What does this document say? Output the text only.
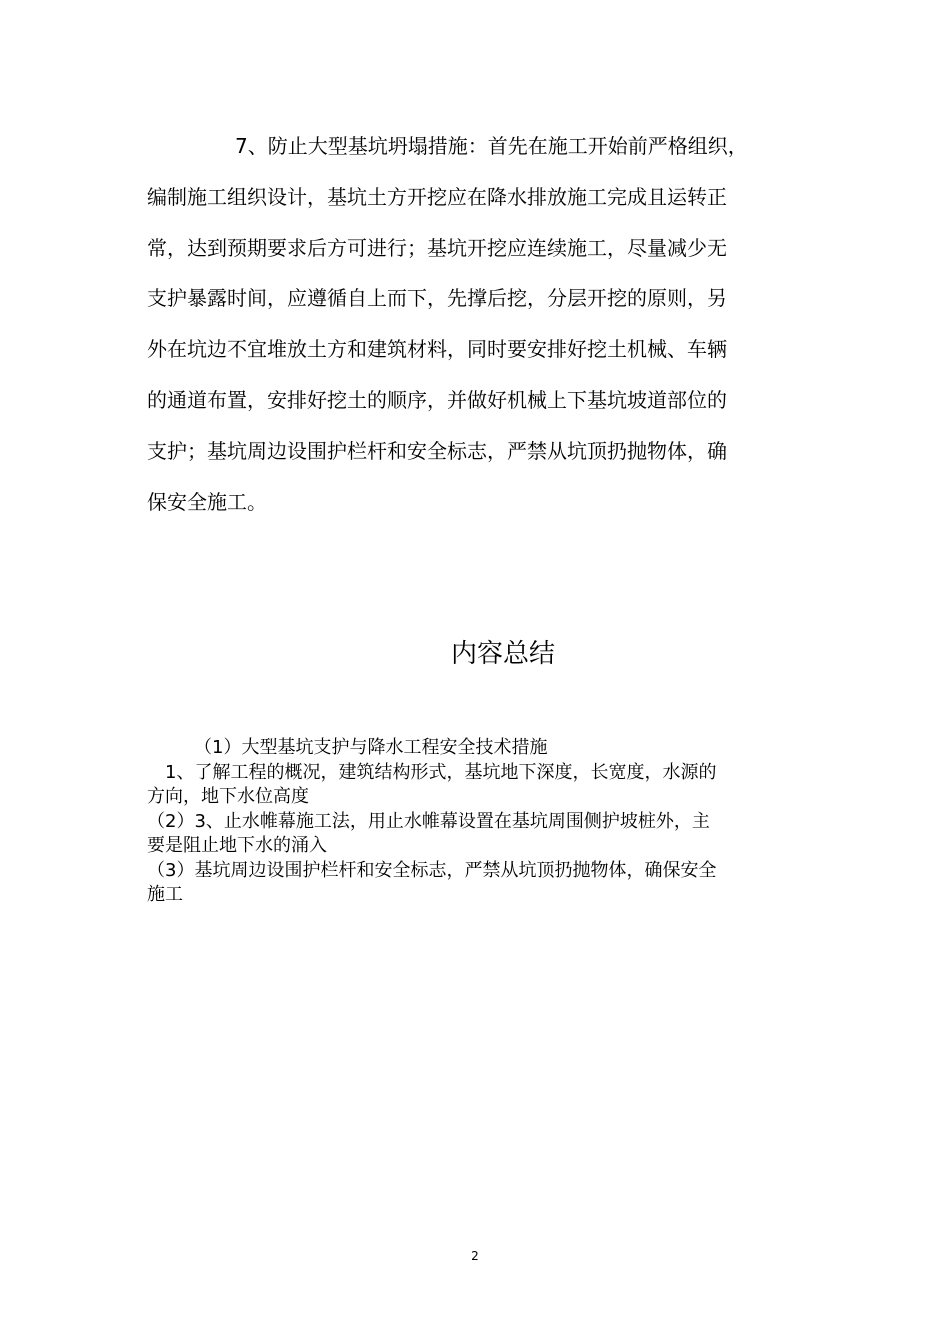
7、防止大型基坑坍塌措施：首先在施工开始前严格组织，
编制施工组织设计，基坑土方开挖应在降水排放施工完成且运转正
常，达到预期要求后方可进行；基坑开挖应连续施工，尽量减少无
支护暴露时间，应遵循自上而下，先撑后挖，分层开挖的原则，另
外在坑边不宜堆放土方和建筑材料，同时要安排好挖土机械、车辆
的通道布置，安排好挖土的顺序，并做好机械上下基坑坡道部位的
支护；基坑周边设围护栏杆和安全标志，严禁从坑顶扔抛物体，确
保安全施工。
内容总结
（1）大型基坑支护与降水工程安全技术措施
1、了解工程的概况，建筑结构形式，基坑地下深度，长宽度，水源的
方向，地下水位高度
（2）3、止水帷幕施工法，用止水帷幕设置在基坑周围侧护坡桩外，主
要是阻止地下水的涌入
（3）基坑周边设围护栏杆和安全标志，严禁从坑顶扔抛物体，确保安全
施工
2
